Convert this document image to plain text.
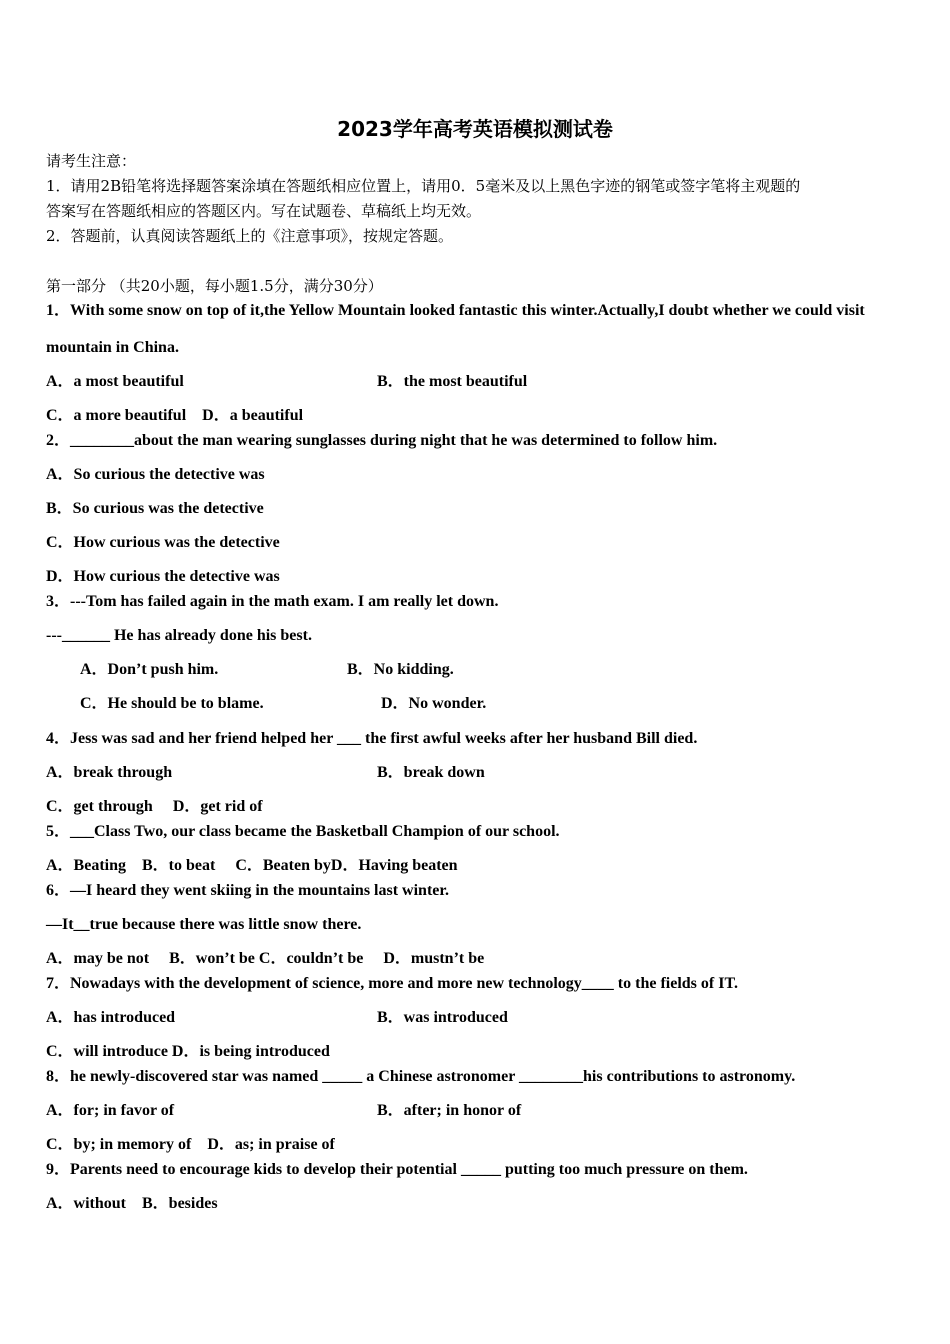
2023学年高考英语模拟测试卷
请考生注意：
1．请用2B铅笔将选择题答案涂填在答题纸相应位置上，请用0．5毫米及以上黑色字迹的钢笔或签字笔将主观题的
答案写在答题纸相应的答题区内。写在试题卷、草稿纸上均无效。
2．答题前，认真阅读答题纸上的《注意事项》，按规定答题。
第一部分 （共20小题，每小题1.5分，满分30分）
1．With some snow on top of it,the Yellow Mountain looked fantastic this winter.Actually,I doubt whether we could visit
mountain in China.
A．a most beautiful	B．the most beautiful
C．a more beautiful　D．a beautiful
2．________about the man wearing sunglasses during night that he was determined to follow him.
A．So curious the detective was
B．So curious was the detective
C．How curious was the detective
D．How curious the detective was
3．---Tom has failed again in the math exam. I am really let down.
---______ He has already done his best.
A．Don’t push him.	B．No kidding.
C．He should be to blame.	D．No wonder.
4．Jess was sad and her friend helped her ___ the first awful weeks after her husband Bill died.
A．break through	B．break down
C．get through　 D．get rid of
5．___Class Two, our class became the Basketball Champion of our school.
A．Beating　B．to beat　 C．Beaten byD．Having beaten
6．—I heard they went skiing in the mountains last winter.
—It__true because there was little snow there.
A．may be not　 B．won’t be C．couldn’t be　 D．mustn’t be
7．Nowadays with the development of science, more and more new technology____ to the fields of IT.
A．has introduced	B．was introduced
C．will introduce D．is being introduced
8．he newly-discovered star was named _____ a Chinese astronomer ________his contributions to astronomy.
A．for; in favor of	B．after; in honor of
C．by; in memory of　D．as; in praise of
9．Parents need to encourage kids to develop their potential _____ putting too much pressure on them.
A．without　B．besides
